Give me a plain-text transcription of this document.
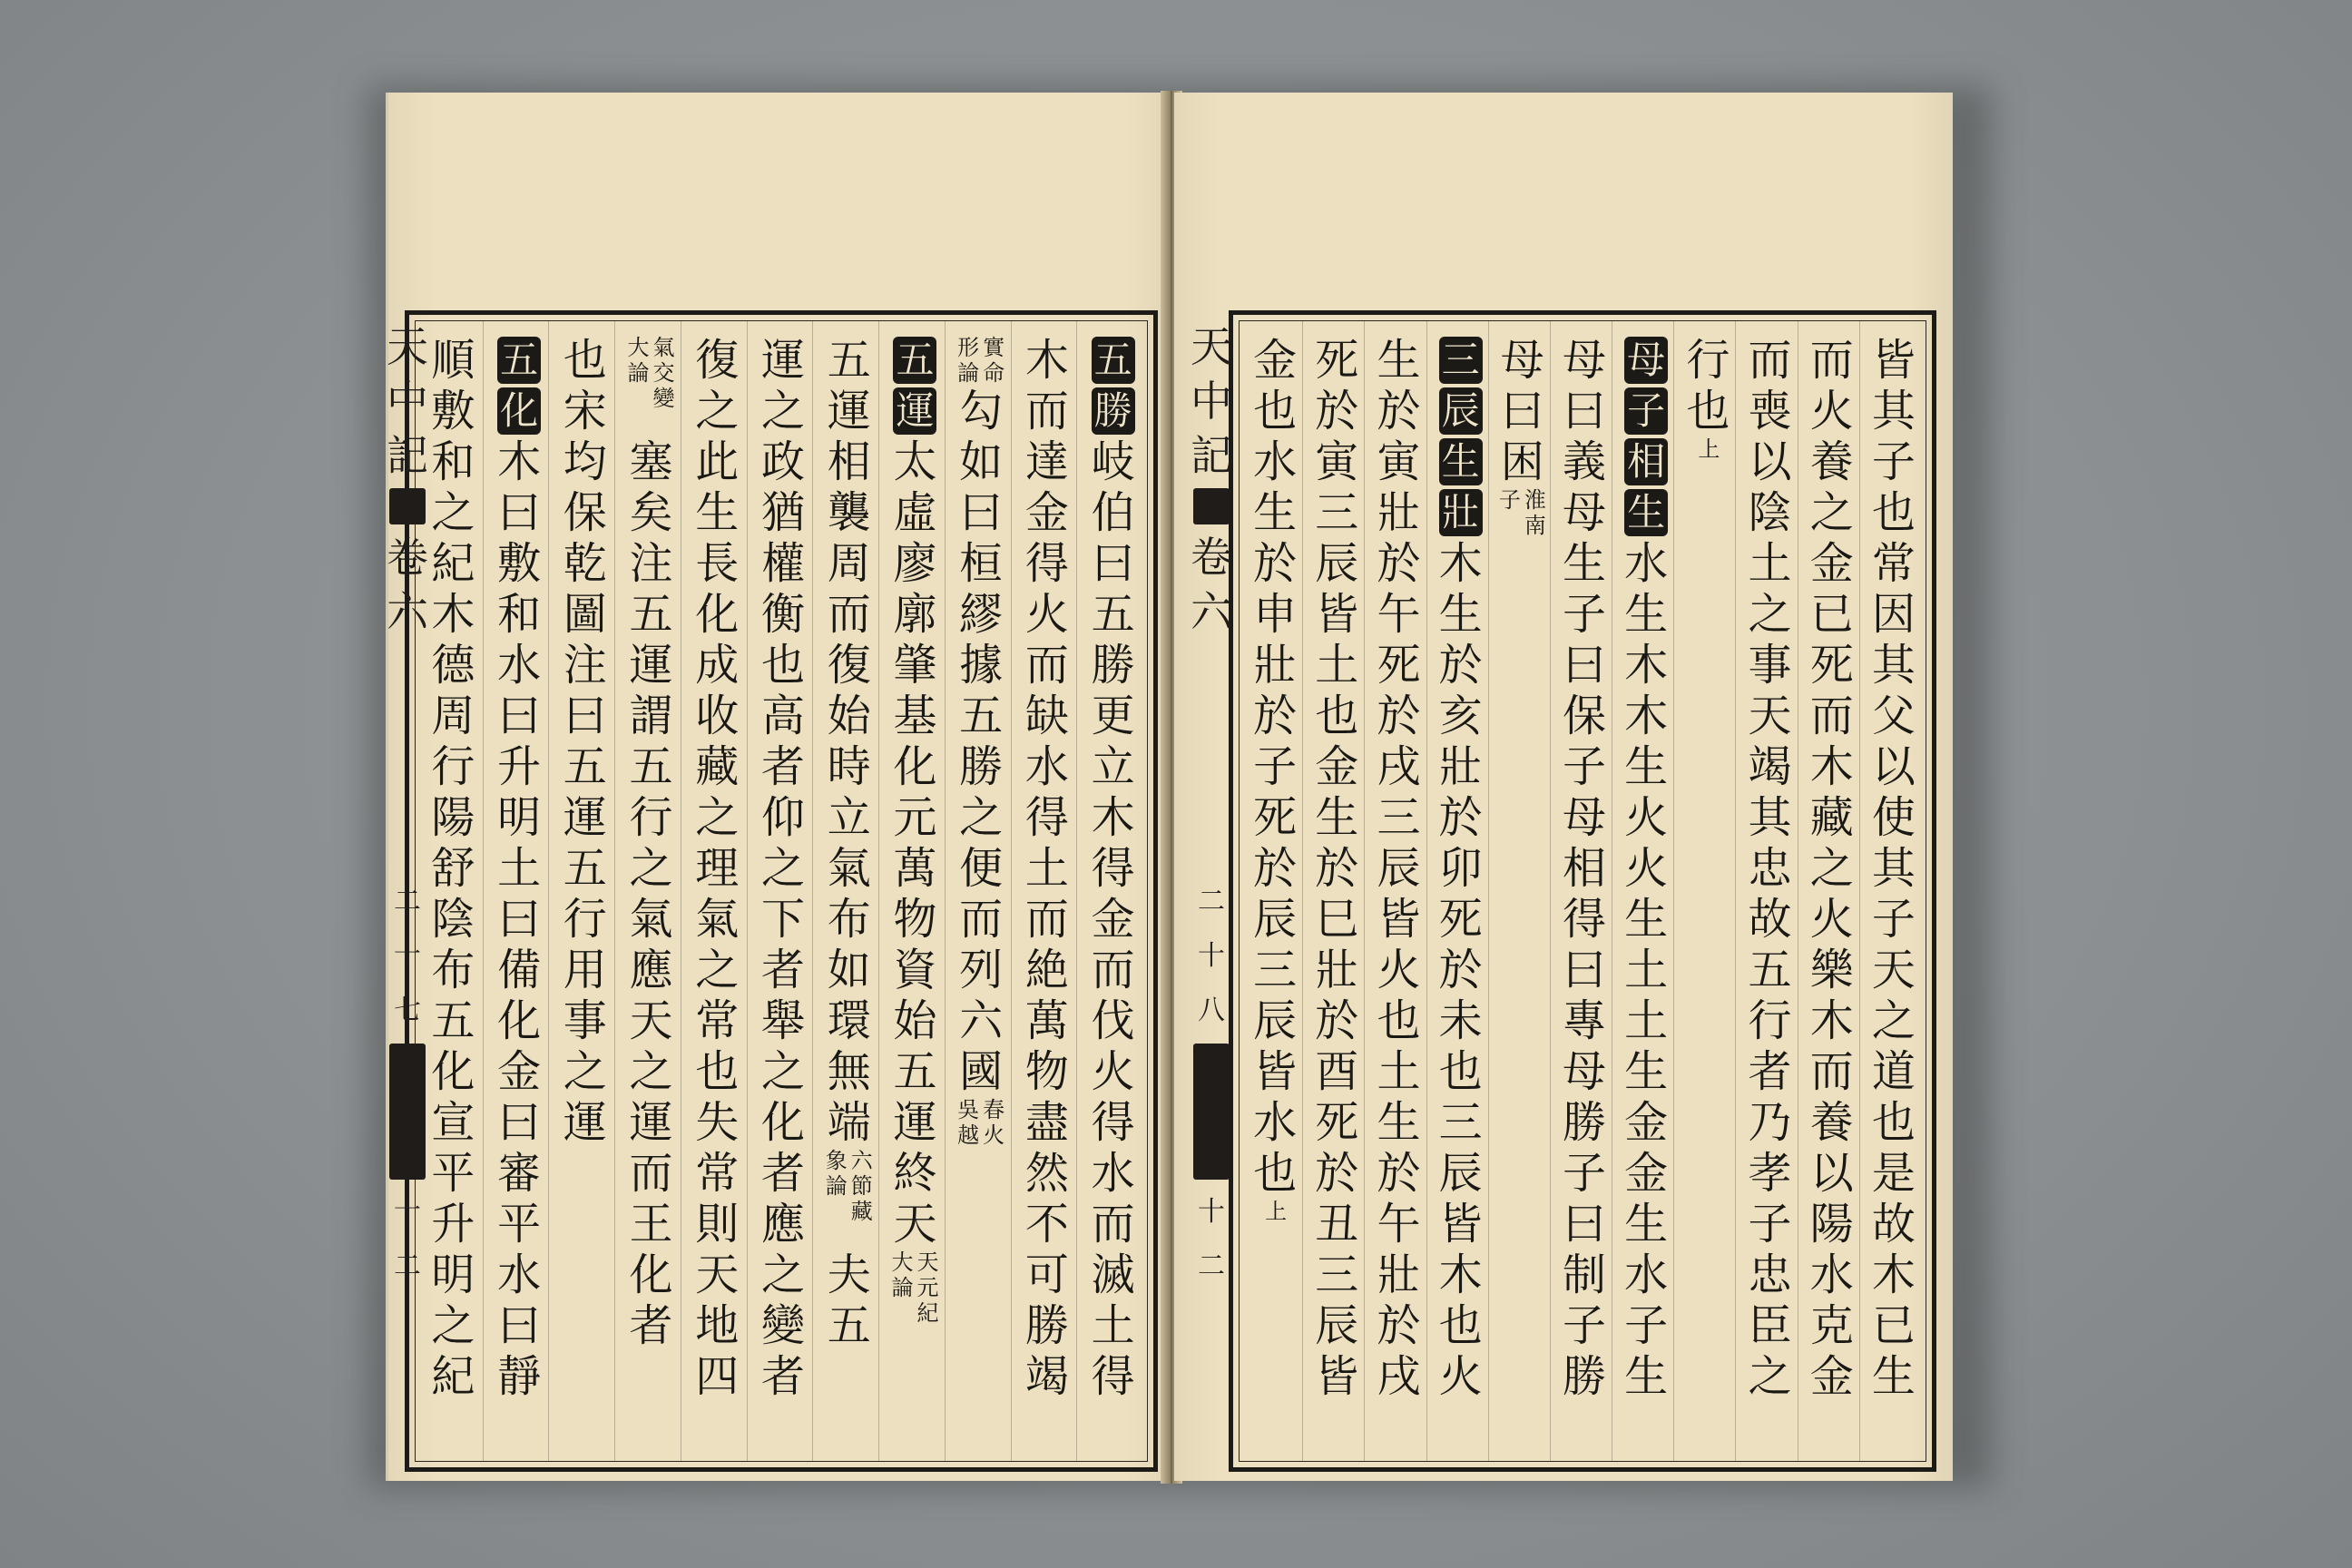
五
勝
岐
伯
曰
五
勝
更
立
木
得
金
而
伐
火
得
水
而
滅
土
得
木
而
達
金
得
火
而
缺
水
得
土
而
絶
萬
物
盡
然
不
可
勝
竭
形
論
實
命
勾
如
曰
桓
繆
據
五
勝
之
便
而
列
六
國
吳
越
春
火
五
運
太
虛
廖
廓
肇
基
化
元
萬
物
資
始
五
運
終
天
大
論
天
元
紀
五
運
相
襲
周
而
復
始
時
立
氣
布
如
環
無
端
象
論
六
節
藏
夫
五
運
之
政
猶
權
衡
也
高
者
仰
之
下
者
舉
之
化
者
應
之
變
者
復
之
此
生
長
化
成
收
藏
之
理
氣
之
常
也
失
常
則
天
地
四
大
論
氣
交
變
塞
矣
注
五
運
謂
五
行
之
氣
應
天
之
運
而
王
化
者
也
宋
均
保
乾
圖
注
曰
五
運
五
行
用
事
之
運
五
化
木
曰
敷
和
水
曰
升
明
土
曰
備
化
金
曰
審
平
水
曰
靜
順
敷
和
之
紀
木
德
周
行
陽
舒
陰
布
五
化
宣
平
升
明
之
紀
天
中
記
卷
六
二
十
七
十
二
皆
其
子
也
常
因
其
父
以
使
其
子
天
之
道
也
是
故
木
已
生
而
火
養
之
金
已
死
而
木
藏
之
火
樂
木
而
養
以
陽
水
克
金
而
喪
以
陰
土
之
事
天
竭
其
忠
故
五
行
者
乃
孝
子
忠
臣
之
行
也
上
母
子
相
生
水
生
木
木
生
火
火
生
土
土
生
金
金
生
水
子
生
母
曰
義
母
生
子
曰
保
子
母
相
得
曰
專
母
勝
子
曰
制
子
勝
母
曰
困
子 淮
南
三
辰
生
壯
木
生
於
亥
壯
於
卯
死
於
未
也
三
辰
皆
木
也
火
生
於
寅
壯
於
午
死
於
戌
三
辰
皆
火
也
土
生
於
午
壯
於
戌
死
於
寅
三
辰
皆
土
也
金
生
於
巳
壯
於
酉
死
於
丑
三
辰
皆
金
也
水
生
於
申
壯
於
子
死
於
辰
三
辰
皆
水
也
上
天
中
記
卷
六
二
十
八
十
二
